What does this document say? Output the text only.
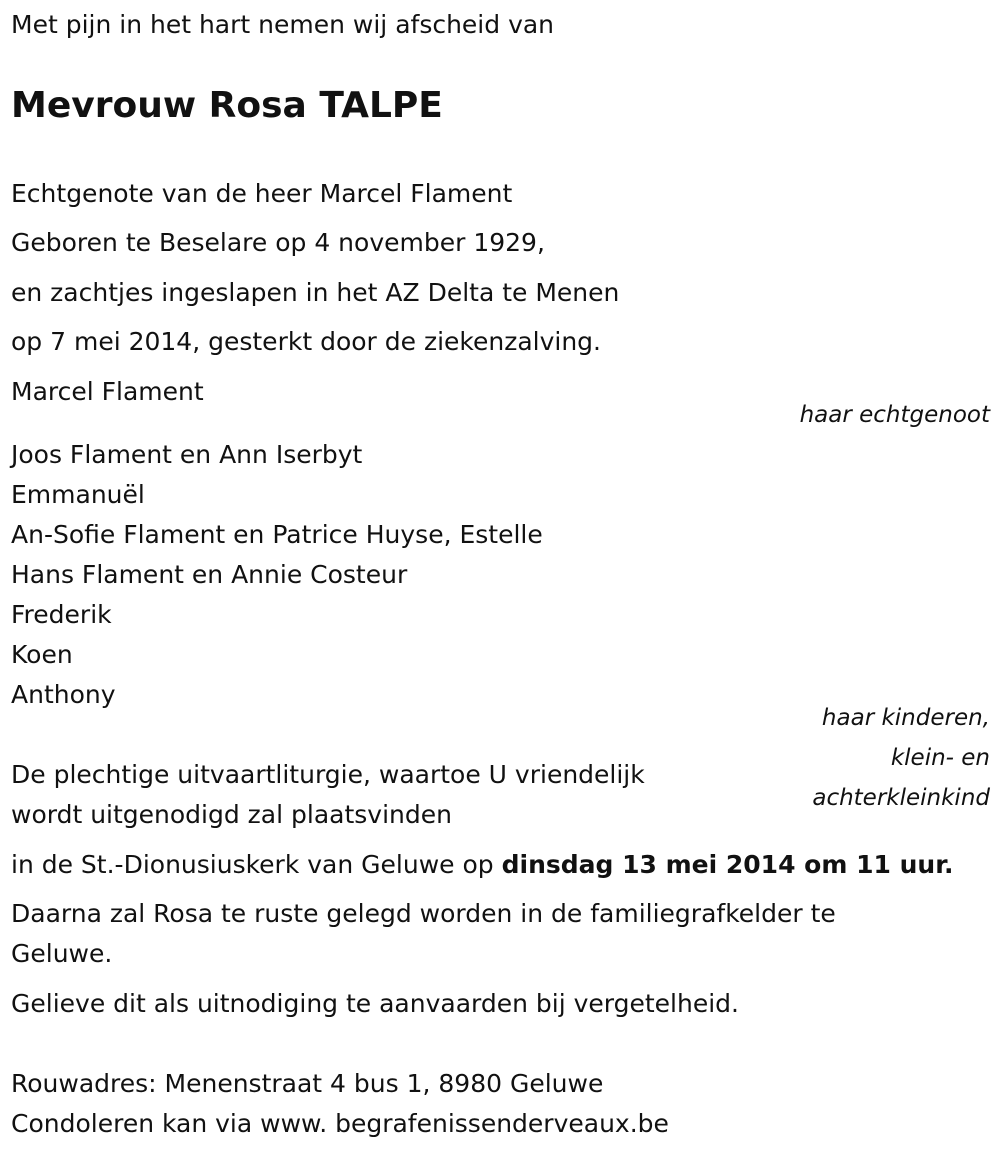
Met pijn in het hart nemen wij afscheid van
Mevrouw Rosa TALPE
Echtgenote van de heer Marcel Flament
Geboren te Beselare op 4 november 1929,
en zachtjes ingeslapen in het AZ Delta te Menen
op 7 mei 2014, gesterkt door de ziekenzalving.
Marcel Flament
haar echtgenoot
Joos Flament en Ann Iserbyt
Emmanuël
An-Sofie Flament en Patrice Huyse, Estelle
Hans Flament en Annie Costeur
Frederik
Koen
Anthony
haar kinderen,
klein- en
achterkleinkind
De plechtige uitvaartliturgie, waartoe U vriendelijk
wordt uitgenodigd zal plaatsvinden
in de St.-Dionusiuskerk van Geluwe op dinsdag 13 mei 2014 om 11 uur.
Daarna zal Rosa te ruste gelegd worden in de familiegrafkelder te
Geluwe.
Gelieve dit als uitnodiging te aanvaarden bij vergetelheid.
Rouwadres: Menenstraat 4 bus 1, 8980 Geluwe
Condoleren kan via www. begrafenissenderveaux.be
